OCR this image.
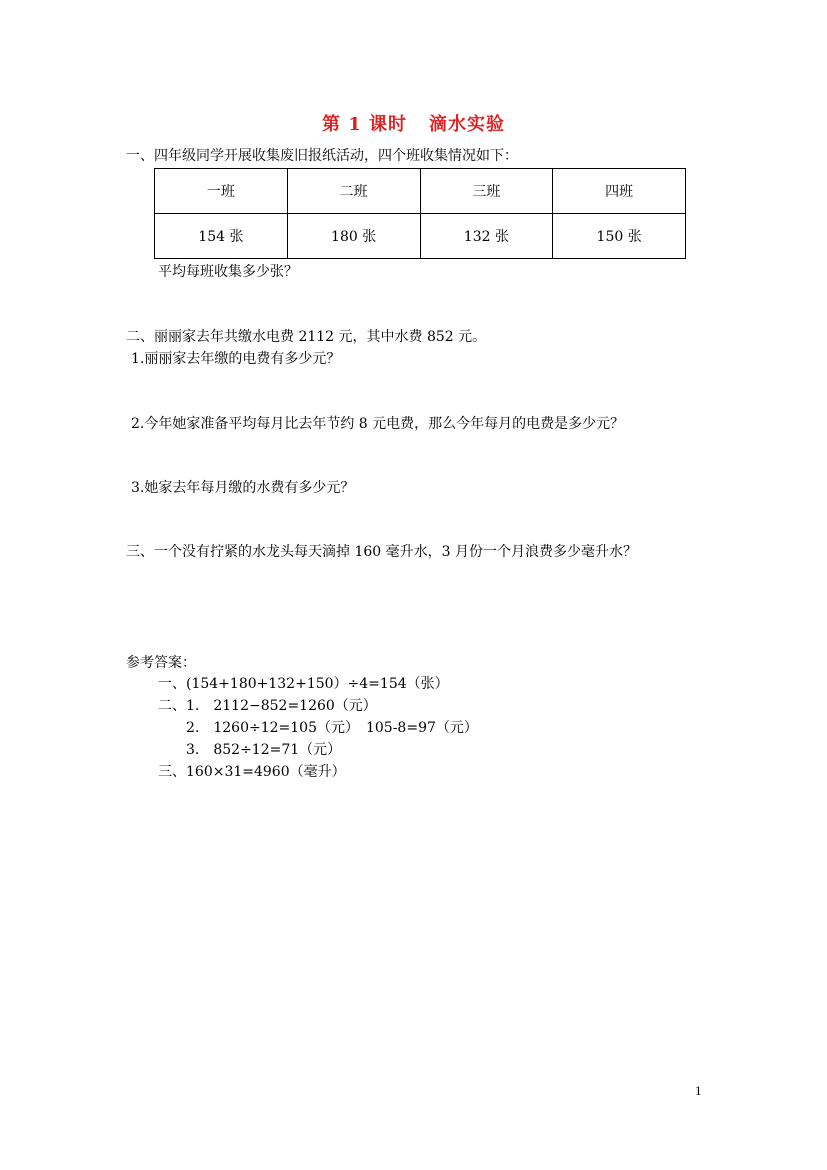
第 1 课时 滴水实验
一、四年级同学开展收集废旧报纸活动，四个班收集情况如下：
一班	二班	三班	四班
154 张	180 张	132 张	150 张
平均每班收集多少张？
二、丽丽家去年共缴水电费 2112 元，其中水费 852 元。
1.丽丽家去年缴的电费有多少元？
2.今年她家准备平均每月比去年节约 8 元电费，那么今年每月的电费是多少元？
3.她家去年每月缴的水费有多少元？
三、一个没有拧紧的水龙头每天滴掉 160 毫升水，3 月份一个月浪费多少毫升水？
参考答案：
一、(154+180+132+150）÷4=154（张）
二、1.　2112−852=1260（元）
2.　1260÷12=105（元）　105-8=97（元）
3.　852÷12=71（元）
三、160×31=4960（毫升）
1
